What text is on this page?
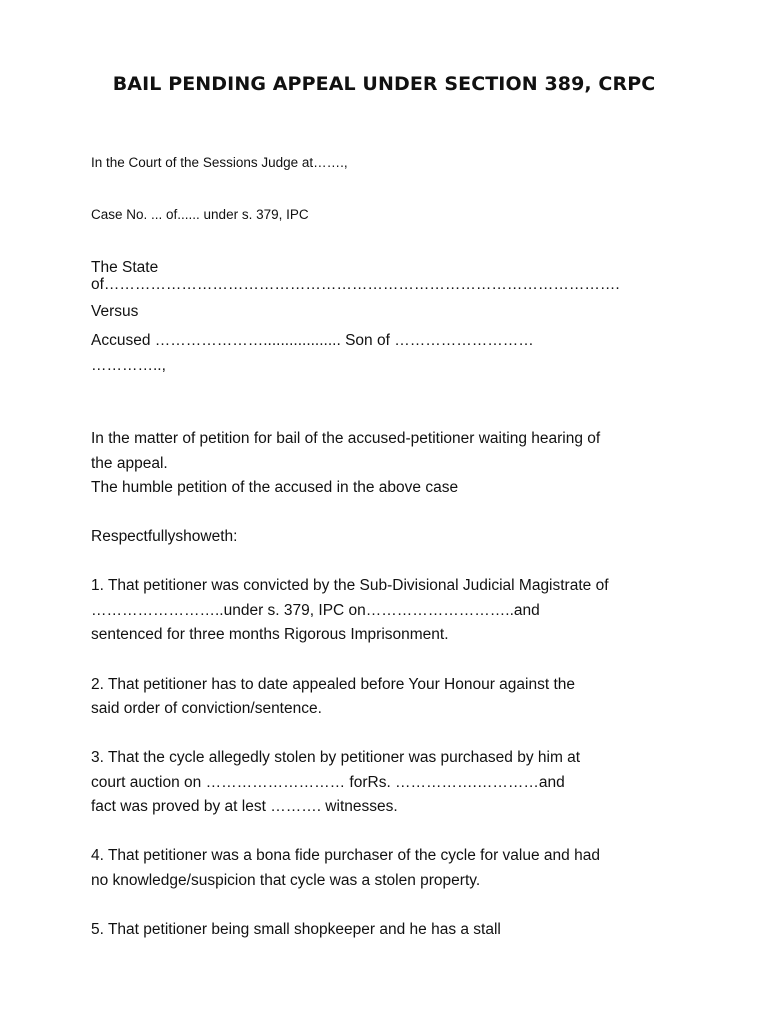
BAIL PENDING APPEAL UNDER SECTION 389, CRPC
In the Court of the Sessions Judge at…….,
Case No. ... of...... under s. 379, IPC
The State
of……………………………………………………………………………………….
Versus
Accused ………………….................. Son of ………………………
…………..,
In the matter of petition for bail of the accused-petitioner waiting hearing of
the appeal.
The humble petition of the accused in the above case
Respectfullyshoweth:
1. That petitioner was convicted by the Sub-Divisional Judicial Magistrate of
……………………..under s. 379, IPC on………………………..and
sentenced for three months Rigorous Imprisonment.
2. That petitioner has to date appealed before Your Honour against the
said order of conviction/sentence.
3. That the cycle allegedly stolen by petitioner was purchased by him at
court auction on ……………………… forRs. …………….…………and
fact was proved by at lest ………. witnesses.
4. That petitioner was a bona fide purchaser of the cycle for value and had
no knowledge/suspicion that cycle was a stolen property.
5. That petitioner being small shopkeeper and he has a stall
